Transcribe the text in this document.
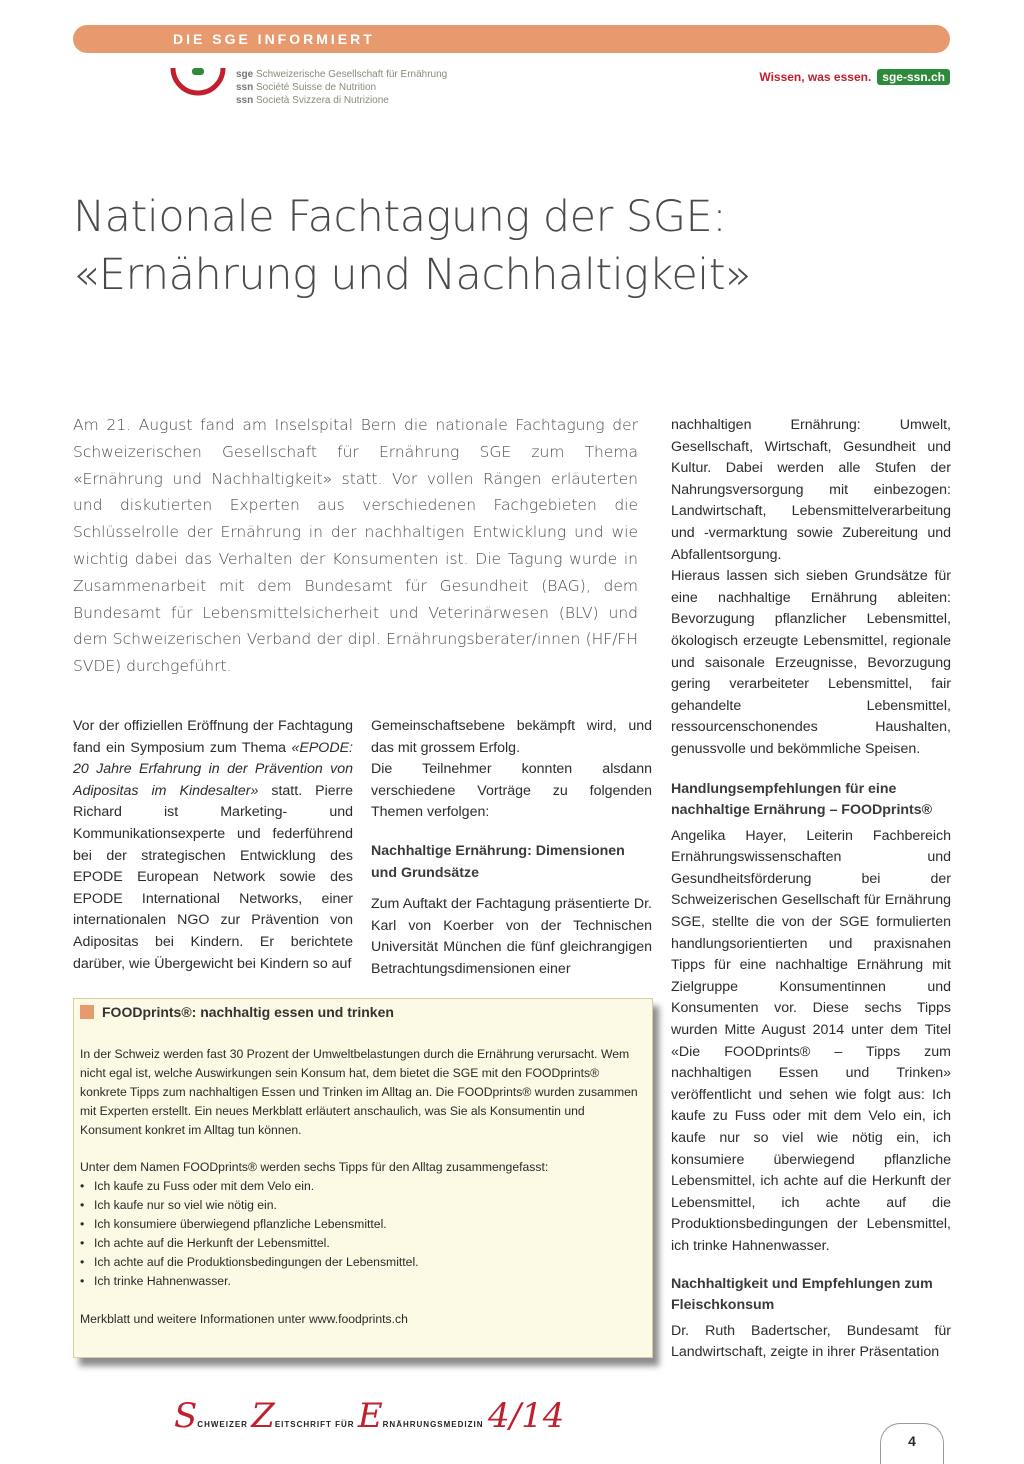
DIE SGE INFORMIERT
sge Schweizerische Gesellschaft für Ernährung
ssn Société Suisse de Nutrition
ssn Società Svizzera di Nutrizione
Wissen, was essen. sge-ssn.ch
Nationale Fachtagung der SGE:
«Ernährung und Nachhaltigkeit»
Am 21. August fand am Inselspital Bern die nationale Fachtagung der Schweizerischen Gesellschaft für Ernährung SGE zum Thema «Ernährung und Nachhaltigkeit» statt. Vor vollen Rängen erläuterten und diskutierten Experten aus verschiedenen Fachgebieten die Schlüsselrolle der Ernährung in der nachhaltigen Entwicklung und wie wichtig dabei das Verhalten der Konsumenten ist. Die Tagung wurde in Zusammenarbeit mit dem Bundesamt für Gesundheit (BAG), dem Bundesamt für Lebensmittelsicherheit und Veterinärwesen (BLV) und dem Schweizerischen Verband der dipl. Ernährungsberater/innen (HF/FH SVDE) durchgeführt.

Vor der offiziellen Eröffnung der Fachtagung fand ein Symposium zum Thema «EPODE: 20 Jahre Erfahrung in der Prävention von Adipositas im Kindesalter» statt. Pierre Richard ist Marketing- und Kommunikationsexperte und federführend bei der strategischen Entwicklung des EPODE European Network sowie des EPODE International Networks, einer internationalen NGO zur Prävention von Adipositas bei Kindern. Er berichtete darüber, wie Übergewicht bei Kindern so auf

Gemeinschaftsebene bekämpft wird, und das mit grossem Erfolg.

Die Teilnehmer konnten alsdann verschiedene Vorträge zu folgenden Themen verfolgen:

Nachhaltige Ernährung: Dimensionen und Grundsätze

Zum Auftakt der Fachtagung präsentierte Dr. Karl von Koerber von der Technischen Universität München die fünf gleichrangigen Betrachtungsdimensionen einer

nachhaltigen Ernährung: Umwelt, Gesellschaft, Wirtschaft, Gesundheit und Kultur. Dabei werden alle Stufen der Nahrungsversorgung mit einbezogen: Landwirtschaft, Lebensmittelverarbeitung und -vermarktung sowie Zubereitung und Abfallentsorgung.

Hieraus lassen sich sieben Grundsätze für eine nachhaltige Ernährung ableiten: Bevorzugung pflanzlicher Lebensmittel, ökologisch erzeugte Lebensmittel, regionale und saisonale Erzeugnisse, Bevorzugung gering verarbeiteter Lebensmittel, fair gehandelte Lebensmittel, ressourcenschonendes Haushalten, genussvolle und bekömmliche Speisen.

Handlungsempfehlungen für eine nachhaltige Ernährung – FOODprints®

Angelika Hayer, Leiterin Fachbereich Ernährungswissenschaften und Gesundheitsförderung bei der Schweizerischen Gesellschaft für Ernährung SGE, stellte die von der SGE formulierten handlungsorientierten und praxisnahen Tipps für eine nachhaltige Ernährung mit Zielgruppe Konsumentinnen und Konsumenten vor. Diese sechs Tipps wurden Mitte August 2014 unter dem Titel «Die FOODprints® – Tipps zum nachhaltigen Essen und Trinken» veröffentlicht und sehen wie folgt aus: Ich kaufe zu Fuss oder mit dem Velo ein, ich kaufe nur so viel wie nötig ein, ich konsumiere überwiegend pflanzliche Lebensmittel, ich achte auf die Herkunft der Lebensmittel, ich achte auf die Produktionsbedingungen der Lebensmittel, ich trinke Hahnenwasser.

Nachhaltigkeit und Empfehlungen zum Fleischkonsum

Dr. Ruth Badertscher, Bundesamt für Landwirtschaft, zeigte in ihrer Präsentation

FOODprints®: nachhaltig essen und trinken

In der Schweiz werden fast 30 Prozent der Umweltbelastungen durch die Ernährung verursacht. Wem nicht egal ist, welche Auswirkungen sein Konsum hat, dem bietet die SGE mit den FOODprints® konkrete Tipps zum nachhaltigen Essen und Trinken im Alltag an. Die FOODprints® wurden zusammen mit Experten erstellt. Ein neues Merkblatt erläutert anschaulich, was Sie als Konsumentin und Konsument konkret im Alltag tun können.

Unter dem Namen FOODprints® werden sechs Tipps für den Alltag zusammengefasst:

• Ich kaufe zu Fuss oder mit dem Velo ein.
• Ich kaufe nur so viel wie nötig ein.
• Ich konsumiere überwiegend pflanzliche Lebensmittel.
• Ich achte auf die Herkunft der Lebensmittel.
• Ich achte auf die Produktionsbedingungen der Lebensmittel.
• Ich trinke Hahnenwasser.

Merkblatt und weitere Informationen unter www.foodprints.ch

SCHWEIZER ZEITSCHRIFT FÜR ERNÄHRUNGSMEDIZIN 4/14
4
